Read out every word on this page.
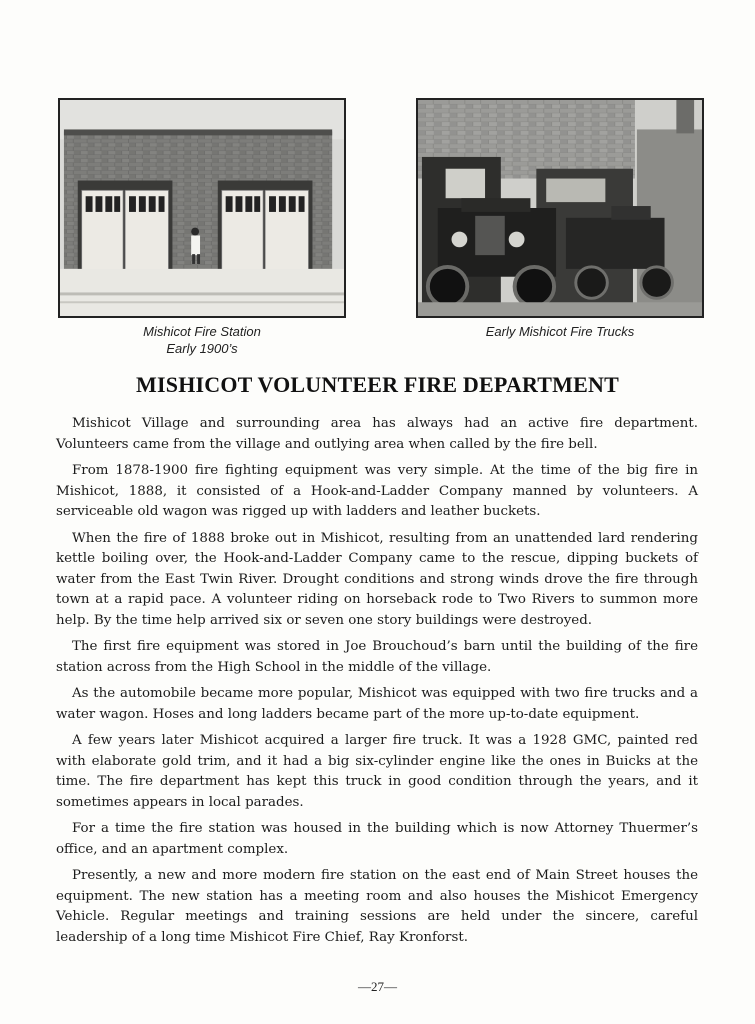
Mishicot Fire Station
Early 1900’s
Early Mishicot Fire Trucks
MISHICOT VOLUNTEER FIRE DEPARTMENT

Mishicot Village and surrounding area has always had an active fire department. Volunteers came from the village and outlying area when called by the fire bell.

From 1878-1900 fire fighting equipment was very simple. At the time of the big fire in Mishicot, 1888, it consisted of a Hook-and-Ladder Company manned by volunteers. A serviceable old wagon was rigged up with ladders and leather buckets.

When the fire of 1888 broke out in Mishicot, resulting from an unattended lard rendering kettle boiling over, the Hook-and-Ladder Company came to the rescue, dipping buckets of water from the East Twin River. Drought conditions and strong winds drove the fire through town at a rapid pace. A volunteer riding on horseback rode to Two Rivers to summon more help. By the time help arrived six or seven one story buildings were destroyed.

The first fire equipment was stored in Joe Brouchoud’s barn until the building of the fire station across from the High School in the middle of the village.

As the automobile became more popular, Mishicot was equipped with two fire trucks and a water wagon. Hoses and long ladders became part of the more up-to-date equipment.

A few years later Mishicot acquired a larger fire truck. It was a 1928 GMC, painted red with elaborate gold trim, and it had a big six-cylinder engine like the ones in Buicks at the time. The fire department has kept this truck in good condition through the years, and it sometimes appears in local parades.

For a time the fire station was housed in the building which is now Attorney Thuermer’s office, and an apartment complex.

Presently, a new and more modern fire station on the east end of Main Street houses the equipment. The new station has a meeting room and also houses the Mishicot Emergency Vehicle. Regular meetings and training sessions are held under the sincere, careful leadership of a long time Mishicot Fire Chief, Ray Kronforst.

—27—
